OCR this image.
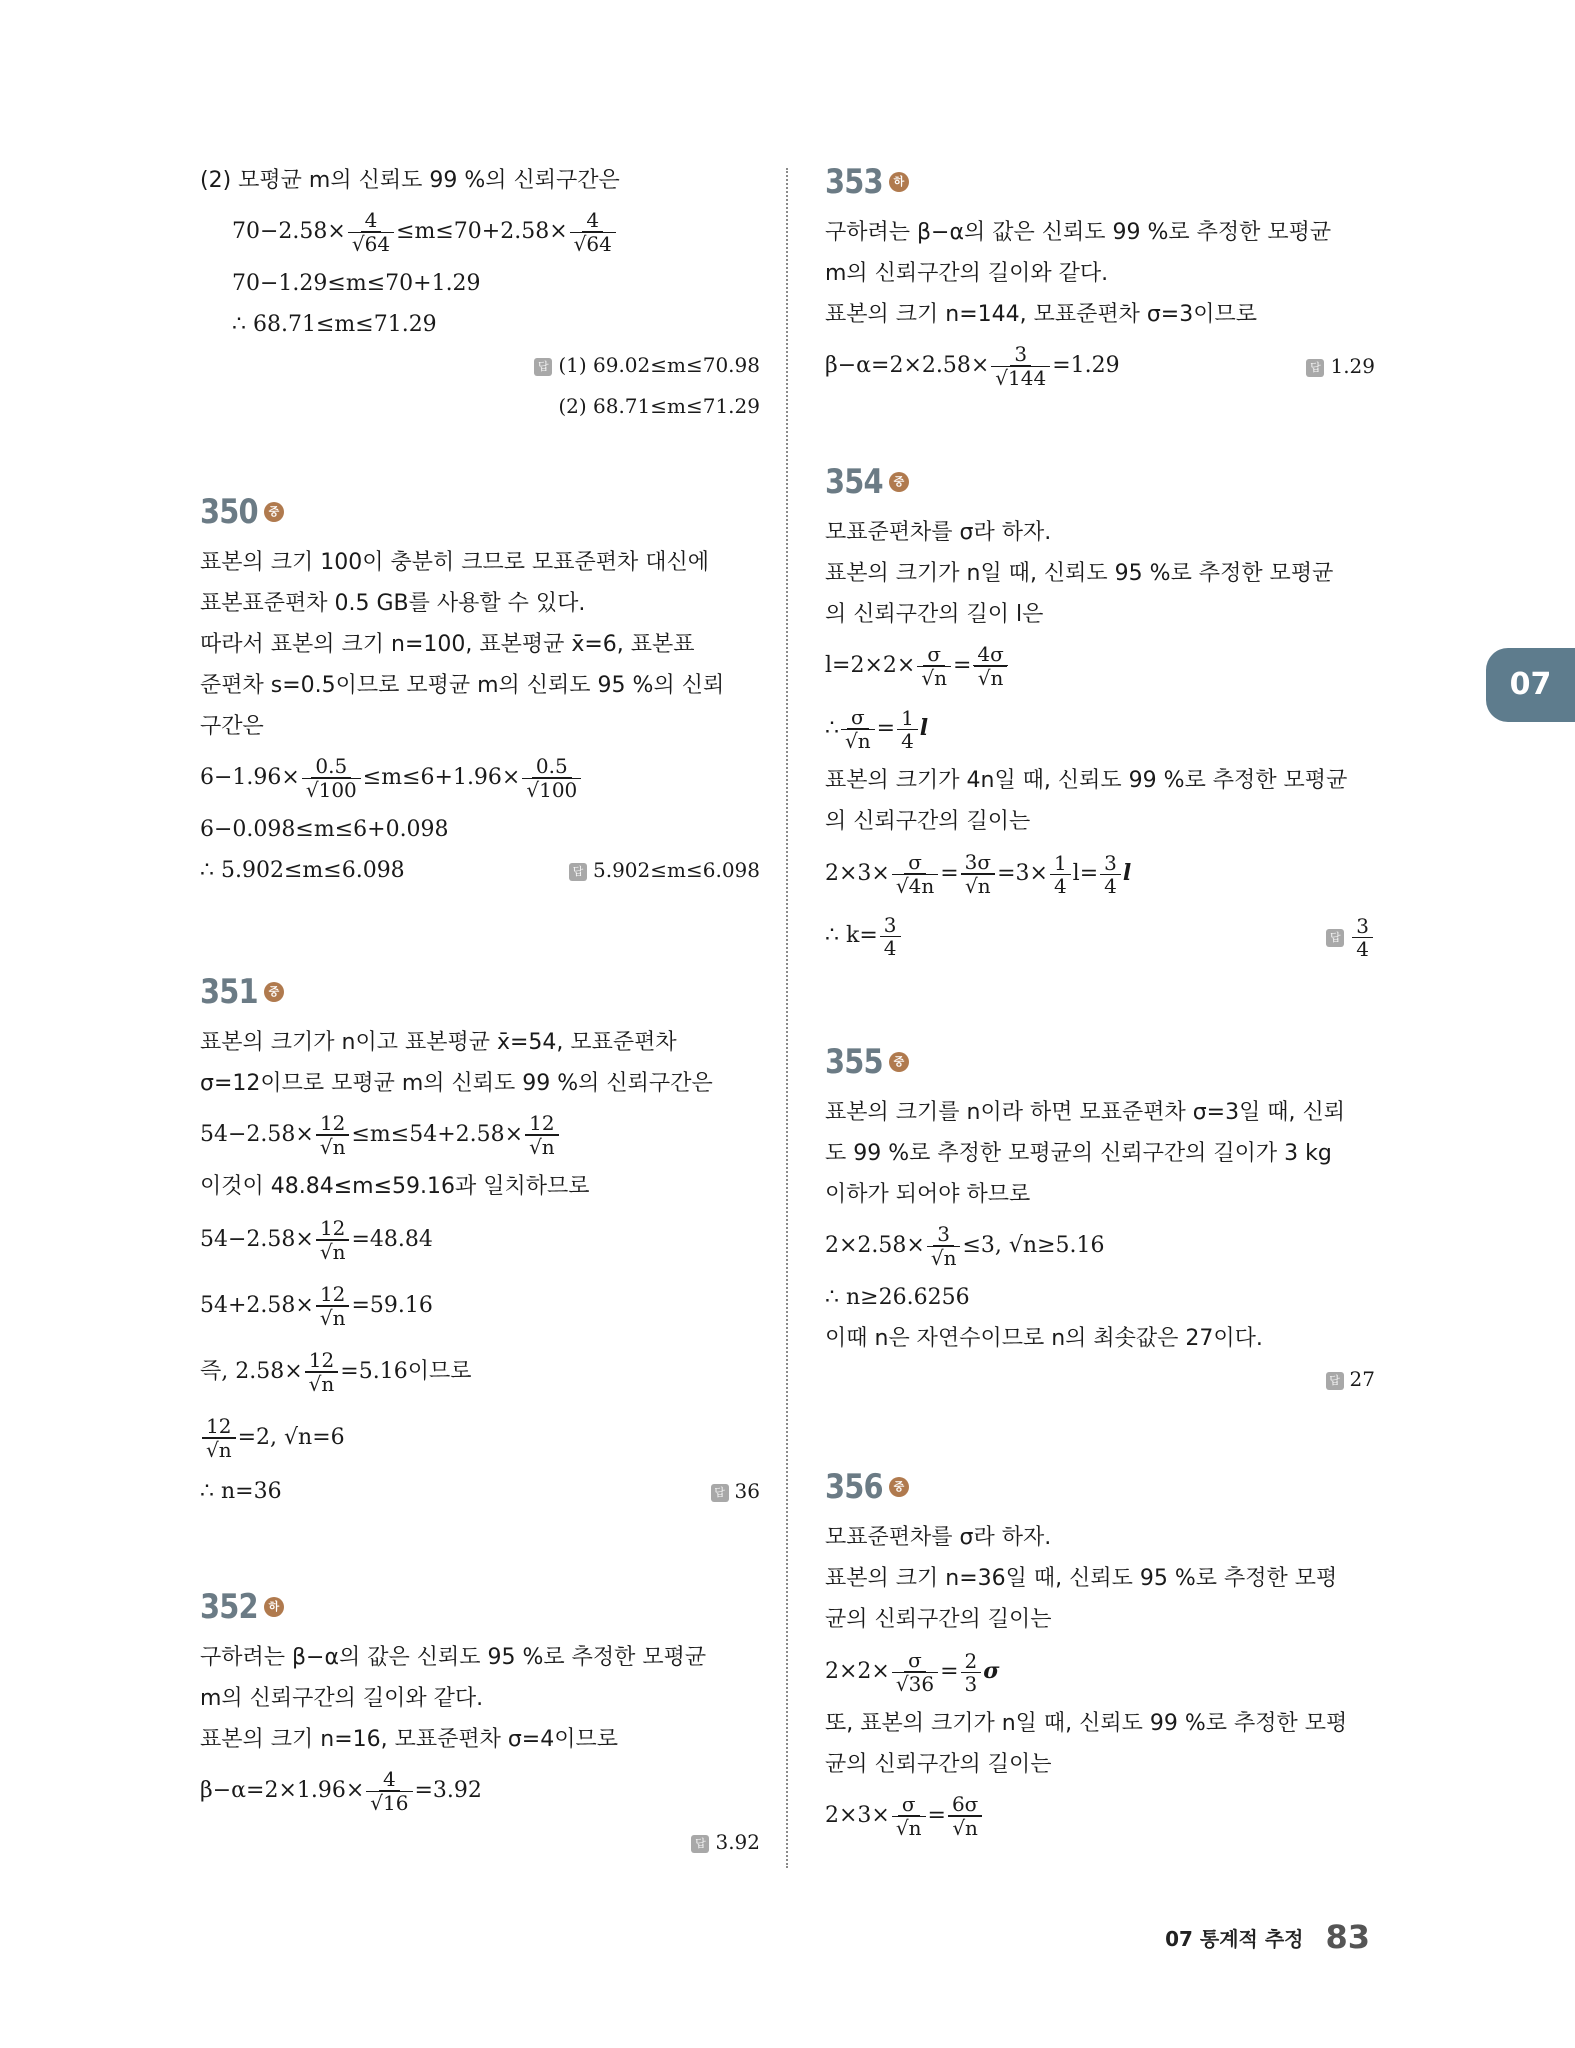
(2) 모평균 m의 신뢰도 99 %의 신뢰구간은
$70-2.58\times \frac{4}{√64} \le m\le 70+2.58\times \frac{4}{√64}$
70−1.29≤m≤70+1.29
∴ 68.71≤m≤71.29
답 (1) 69.02≤m≤70.98
(2) 68.71≤m≤71.29
350 중
표본의 크기 100이 충분히 크므로 모표준편차 대신에
표본표준편차 0.5 GB를 사용할 수 있다.
따라서 표본의 크기 n=100, 표본평균 x̄=6, 표본표
준편차 s=0.5이므로 모평균 m의 신뢰도 95 %의 신뢰
구간은
$6-1.96\times \frac{0.5}{√100} \le m\le 6+1.96\times \frac{0.5}{√100}$
6−0.098≤m≤6+0.098
∴ 5.902≤m≤6.098	답 5.902≤m≤6.098
351 중
표본의 크기가 n이고 표본평균 x̄=54, 모표준편차
σ=12이므로 모평균 m의 신뢰도 99 %의 신뢰구간은
$54-2.58\times \frac{12}{√n} \le m\le 54+2.58\times \frac{12}{√n}$
이것이 48.84≤m≤59.16과 일치하므로
$54-2.58\times \frac{12}{√n} =48.84$
$54+2.58\times \frac{12}{√n} =59.16$
즉, $2.58\times \frac{12}{√n} =5.16$이므로
$\frac{12}{√n} =2$, √n=6
∴ n=36	답 36
352 하
구하려는 β−α의 값은 신뢰도 95 %로 추정한 모평균
m의 신뢰구간의 길이와 같다.
표본의 크기 n=16, 모표준편차 σ=4이므로
$\beta-\alpha=2\times 1.96\times \frac{4}{√16} =3.92$
답 3.92
353 하
구하려는 β−α의 값은 신뢰도 99 %로 추정한 모평균
m의 신뢰구간의 길이와 같다.
표본의 크기 n=144, 모표준편차 σ=3이므로
$\beta-\alpha=2\times 2.58\times \frac{3}{√144} =1.29$	답 1.29
354 중
모표준편차를 σ라 하자.
표본의 크기가 n일 때, 신뢰도 95 %로 추정한 모평균
의 신뢰구간의 길이 l은
$l=2\times 2\times \frac{\sigma}{√n} = \frac{4\sigma}{√n}$
∴ $\frac{\sigma}{√n} = \frac{1}{4}$ l
표본의 크기가 4n일 때, 신뢰도 99 %로 추정한 모평균
의 신뢰구간의 길이는
$2\times 3\times \frac{\sigma}{√4n} = \frac{3\sigma}{√n} =3\times \frac{1}{4} l= \frac{3}{4}$ l
∴ $k= \frac{3}{4}$	답 $\frac{3}{4}$
355 중
표본의 크기를 n이라 하면 모표준편차 σ=3일 때, 신뢰
도 99 %로 추정한 모평균의 신뢰구간의 길이가 3 kg
이하가 되어야 하므로
$2\times 2.58\times \frac{3}{√n} \le 3$, √n≥5.16
∴ n≥26.6256
이때 n은 자연수이므로 n의 최솟값은 27이다.
답 27
356 중
모표준편차를 σ라 하자.
표본의 크기 n=36일 때, 신뢰도 95 %로 추정한 모평
균의 신뢰구간의 길이는
$2\times 2\times \frac{\sigma}{√36} = \frac{2}{3}$ σ
또, 표본의 크기가 n일 때, 신뢰도 99 %로 추정한 모평
균의 신뢰구간의 길이는
$2\times 3\times \frac{\sigma}{√n} = \frac{6\sigma}{√n}$
07
07 통계적 추정 83
